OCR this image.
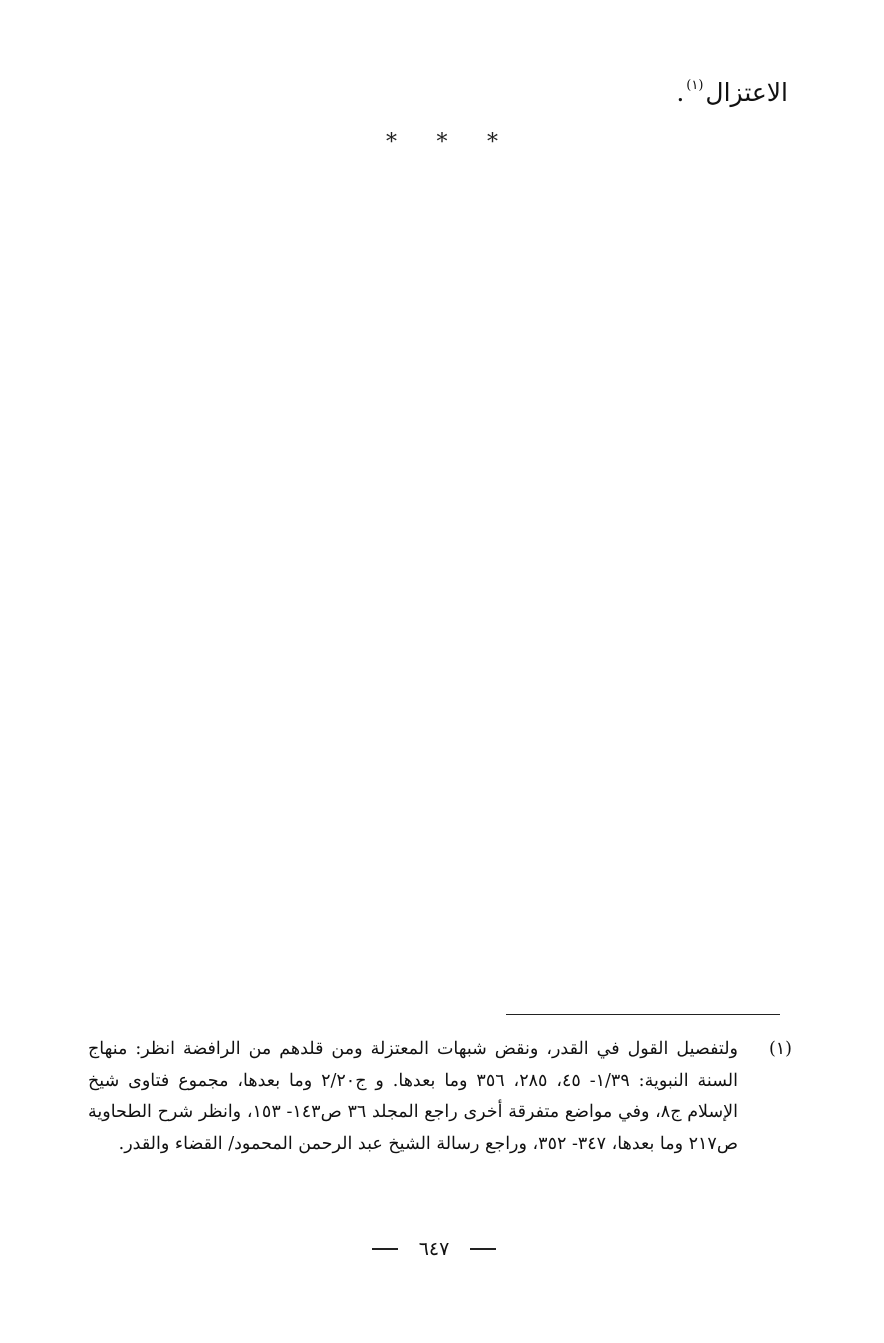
الاعتزال$^{(١)}$.
* * *
(١)
ولتفصيل القول في القدر، ونقض شبهات المعتزلة ومن قلدهم من الرافضة انظر: منهاج السنة النبوية: ١/٣٩- ٤٥، ٢٨٥، ٣٥٦ وما بعدها. و ج٢/٢٠ وما بعدها، مجموع فتاوى شيخ الإسلام ج٨، وفي مواضع متفرقة أخرى راجع المجلد ٣٦ ص١٤٣- ١٥٣، وانظر شرح الطحاوية ص٢١٧ وما بعدها، ٣٤٧- ٣٥٢، وراجع رسالة الشيخ عبد الرحمن المحمود/ القضاء والقدر.
٦٤٧
